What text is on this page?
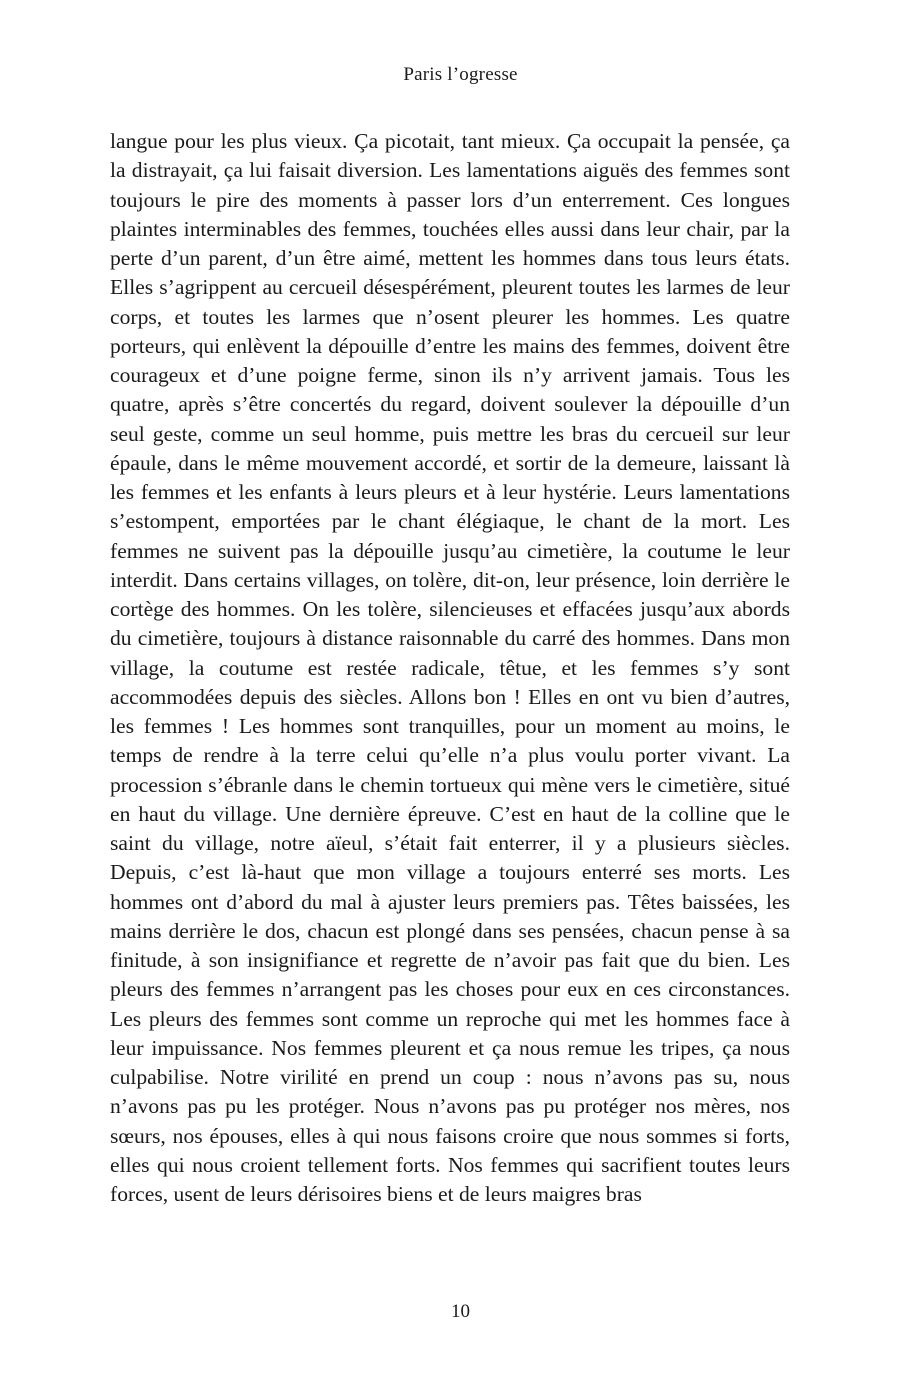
Paris l’ogresse

langue pour les plus vieux. Ça picotait, tant mieux. Ça occupait la pensée, ça la distrayait, ça lui faisait diversion. Les lamentations aiguës des femmes sont toujours le pire des moments à passer lors d’un enterrement. Ces longues plaintes interminables des femmes, touchées elles aussi dans leur chair, par la perte d’un parent, d’un être aimé, mettent les hommes dans tous leurs états. Elles s’agrippent au cercueil désespérément, pleurent toutes les larmes de leur corps, et toutes les larmes que n’osent pleurer les hommes. Les quatre porteurs, qui enlèvent la dépouille d’entre les mains des femmes, doivent être courageux et d’une poigne ferme, sinon ils n’y arrivent jamais. Tous les quatre, après s’être concertés du regard, doivent soulever la dépouille d’un seul geste, comme un seul homme, puis mettre les bras du cercueil sur leur épaule, dans le même mouvement accordé, et sortir de la demeure, laissant là les femmes et les enfants à leurs pleurs et à leur hystérie. Leurs lamentations s’estompent, emportées par le chant élégiaque, le chant de la mort. Les femmes ne suivent pas la dépouille jusqu’au cimetière, la coutume le leur interdit. Dans certains villages, on tolère, dit-on, leur présence, loin derrière le cortège des hommes. On les tolère, silencieuses et effacées jusqu’aux abords du cimetière, toujours à distance raisonnable du carré des hommes. Dans mon village, la coutume est restée radicale, têtue, et les femmes s’y sont accommodées depuis des siècles. Allons bon ! Elles en ont vu bien d’autres, les femmes ! Les hommes sont tranquilles, pour un moment au moins, le temps de rendre à la terre celui qu’elle n’a plus voulu porter vivant. La procession s’ébranle dans le chemin tortueux qui mène vers le cimetière, situé en haut du village. Une dernière épreuve. C’est en haut de la colline que le saint du village, notre aïeul, s’était fait enterrer, il y a plusieurs siècles. Depuis, c’est là-haut que mon village a toujours enterré ses morts. Les hommes ont d’abord du mal à ajuster leurs premiers pas. Têtes baissées, les mains derrière le dos, chacun est plongé dans ses pensées, chacun pense à sa finitude, à son insignifiance et regrette de n’avoir pas fait que du bien. Les pleurs des femmes n’arrangent pas les choses pour eux en ces circonstances. Les pleurs des femmes sont comme un reproche qui met les hommes face à leur impuissance. Nos femmes pleurent et ça nous remue les tripes, ça nous culpabilise. Notre virilité en prend un coup : nous n’avons pas su, nous n’avons pas pu les protéger. Nous n’avons pas pu protéger nos mères, nos sœurs, nos épouses, elles à qui nous faisons croire que nous sommes si forts, elles qui nous croient tellement forts. Nos femmes qui sacrifient toutes leurs forces, usent de leurs dérisoires biens et de leurs maigres bras

10
